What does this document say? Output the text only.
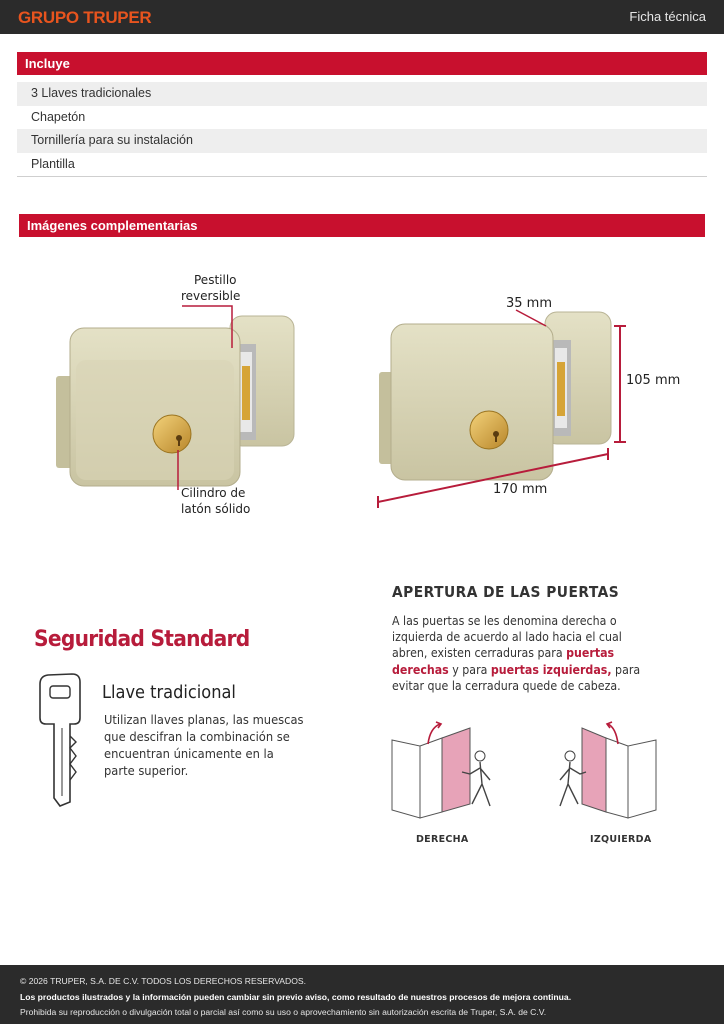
GRUPO TRUPER	Ficha técnica
Incluye
3 Llaves tradicionales
Chapetón
Tornillería para su instalación
Plantilla
Imágenes complementarias
Pestillo
reversible
Cilindro de
latón sólido
35 mm
105 mm
170 mm
Seguridad Standard
Llave tradicional
Utilizan llaves planas, las muescas que descifran la combinación se encuentran únicamente en la parte superior.
APERTURA DE LAS PUERTAS
A las puertas se les denomina derecha o izquierda de acuerdo al lado hacia el cual abren, existen cerraduras para puertas derechas y para puertas izquierdas, para evitar que la cerradura quede de cabeza.
DERECHA	IZQUIERDA
© 2026 TRUPER, S.A. DE C.V. TODOS LOS DERECHOS RESERVADOS.
Los productos ilustrados y la información pueden cambiar sin previo aviso, como resultado de nuestros procesos de mejora continua.
Prohibida su reproducción o divulgación total o parcial así como su uso o aprovechamiento sin autorización escrita de Truper, S.A. de C.V.
